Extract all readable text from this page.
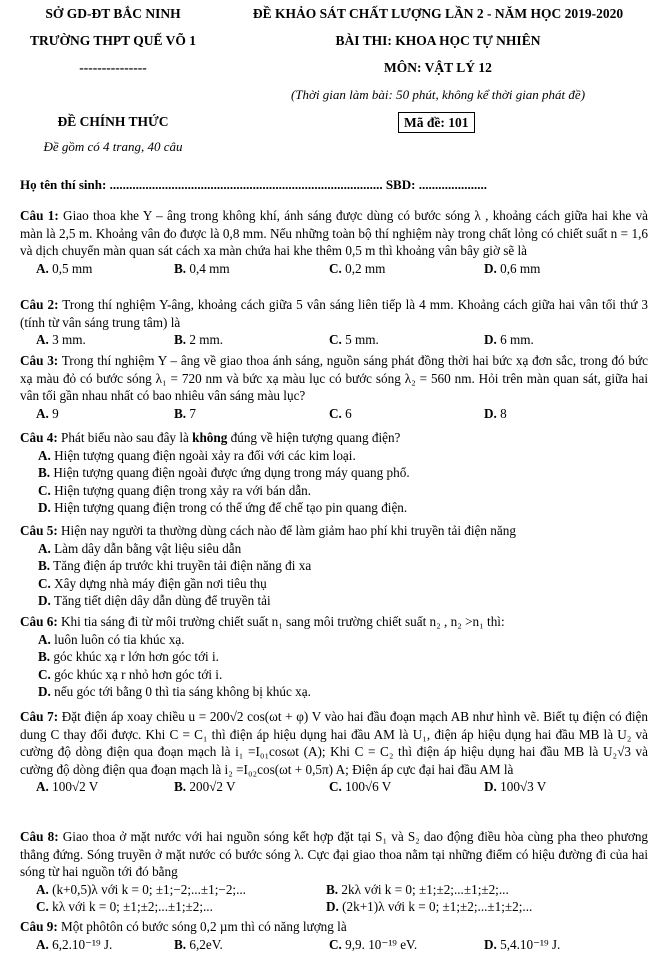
SỞ GD-ĐT BẮC NINH
TRƯỜNG THPT QUẾ VÕ 1
---------------
ĐỀ KHẢO SÁT CHẤT LƯỢNG LẦN 2 - NĂM HỌC 2019-2020
BÀI THI: KHOA HỌC TỰ NHIÊN
MÔN: VẬT LÝ 12
(Thời gian làm bài: 50 phút, không kể thời gian phát đề)
ĐỀ CHÍNH THỨC
Đề gồm có 4 trang, 40 câu
Mã đề: 101
Họ tên thí sinh: .................................................................................... SBD: .....................

Câu 1: Giao thoa khe Y – âng trong không khí, ánh sáng được dùng có bước sóng λ , khoảng cách giữa hai khe và màn là 2,5 m. Khoảng vân đo được là 0,8 mm. Nếu những toàn bộ thí nghiệm này trong chất lỏng có chiết suất n = 1,6 và dịch chuyển màn quan sát cách xa màn chứa hai khe thêm 0,5 m thì khoảng vân bây giờ sẽ là

A. 0,5 mm	B. 0,4 mm	C. 0,2 mm	D. 0,6 mm

Câu 2: Trong thí nghiệm Y-âng, khoảng cách giữa 5 vân sáng liên tiếp là 4 mm. Khoảng cách giữa hai vân tối thứ 3 (tính từ vân sáng trung tâm) là

A. 3 mm.	B. 2 mm.	C. 5 mm.	D. 6 mm.

Câu 3: Trong thí nghiệm Y – âng về giao thoa ánh sáng, nguồn sáng phát đồng thời hai bức xạ đơn sắc, trong đó bức xạ màu đỏ có bước sóng λ₁ = 720 nm và bức xạ màu lục có bước sóng λ₂ = 560 nm. Hỏi trên màn quan sát, giữa hai vân tối gần nhau nhất có bao nhiêu vân sáng màu lục?

A. 9	B. 7	C. 6	D. 8

Câu 4: Phát biểu nào sau đây là không đúng về hiện tượng quang điện?

A. Hiện tượng quang điện ngoài xảy ra đối với các kim loại.

B. Hiện tượng quang điện ngoài được ứng dụng trong máy quang phổ.

C. Hiện tượng quang điện trong xảy ra với bán dẫn.

D. Hiện tượng quang điện trong có thể ứng để chế tạo pin quang điện.

Câu 5: Hiện nay người ta thường dùng cách nào để làm giảm hao phí khi truyền tải điện năng

A. Làm dây dẫn bằng vật liệu siêu dẫn

B. Tăng điện áp trước khi truyền tải điện năng đi xa

C. Xây dựng nhà máy điện gần nơi tiêu thụ

D. Tăng tiết diện dây dẫn dùng để truyền tải

Câu 6: Khi tia sáng đi từ môi trường chiết suất n₁ sang môi trường chiết suất n₂ , n₂ >n₁ thì:

A. luôn luôn có tia khúc xạ.

B. góc khúc xạ r lớn hơn góc tới i.

C. góc khúc xạ r nhỏ hơn góc tới i.

D. nếu góc tới bằng 0 thì tia sáng không bị khúc xạ.

Câu 7: Đặt điện áp xoay chiều u = 200√2 cos(ωt + φ) V vào hai đầu đoạn mạch AB như hình vẽ. Biết tụ điện có điện dung C thay đổi được. Khi C = C₁ thì điện áp hiệu dụng hai đầu AM là U₁, điện áp hiệu dụng hai đầu MB là U₂ và cường độ dòng điện qua đoạn mạch là i₁ =I₀₁cosωt (A); Khi C = C₂ thì điện áp hiệu dụng hai đầu MB là U₂√3 và cường độ dòng điện qua đoạn mạch là i₂ =I₀₂cos(ωt + 0,5π) A; Điện áp cực đại hai đầu AM là

A. 100√2 V	B. 200√2 V	C. 100√6 V	D. 100√3 V

Câu 8: Giao thoa ở mặt nước với hai nguồn sóng kết hợp đặt tại S₁ và S₂ dao động điều hòa cùng pha theo phương thẳng đứng. Sóng truyền ở mặt nước có bước sóng λ. Cực đại giao thoa nằm tại những điểm có hiệu đường đi của hai sóng từ hai nguồn tới đó bằng

A. (k+0,5)λ với k = 0; ±1;−2;...±1;−2;...	B. 2kλ với k = 0; ±1;±2;...±1;±2;...
C. kλ với k = 0; ±1;±2;...±1;±2;...	D. (2k+1)λ với k = 0; ±1;±2;...±1;±2;...

Câu 9: Một phôtôn có bước sóng 0,2 µm thì có năng lượng là

A. 6,2.10⁻¹⁹ J.	B. 6,2eV.	C. 9,9. 10⁻¹⁹ eV.	D. 5,4.10⁻¹⁹ J.
